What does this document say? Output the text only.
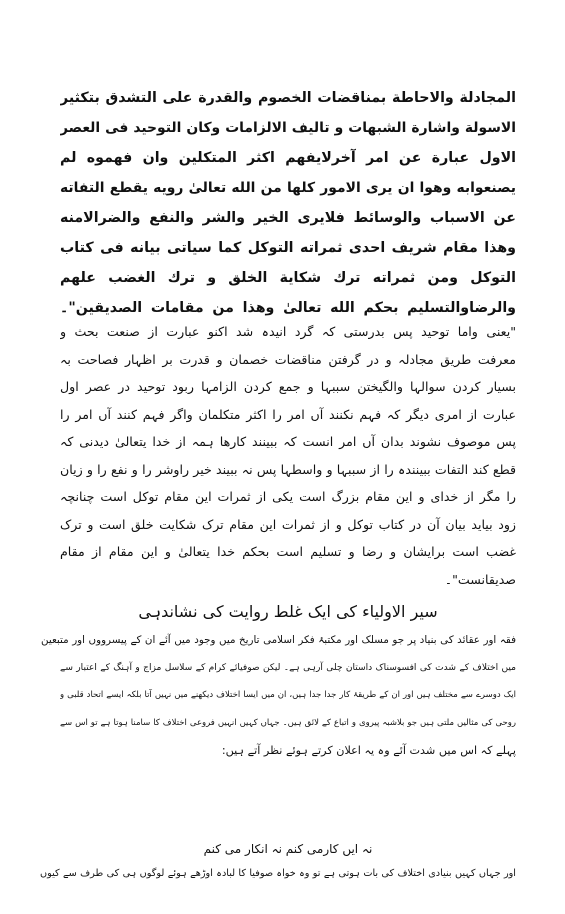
المجادلة والاحاطة بمناقضات الخصوم والقدرة على التشدق بتكثير
الاسولة واشارة الشبهات و تاليف الالزامات وكان التوحيد فى العصر
الاول عبارة عن امر آخرلايفهم اكثر المتكلين وان فهموه لم
يصنعوابه وهوا ان يرى الامور كلها من الله تعالىٰ رويه يقطع التفاته
عن الاسباب والوسائط فلايرى الخير والشر والنفع والضرالامنه
وهذا مقام شريف احدى ثمراته التوكل كما سياتى بيانه فى كتاب
التوكل ومن ثمراته ترك شكاية الخلق و ترك الغضب علهم
والرضاوالتسليم بحكم الله تعالىٰ وهذا من مقامات الصديقين"۔
"یعنی واما توحید پس بدرستی کہ گرد انیدہ شد اکنو عبارت از صنعت بحث و
معرفت طریق مجادلہ و در گرفتن مناقضات خصمان و قدرت بر اظہار فصاحت بہ
بسیار کردن سوالہا والگیختن سببہا و جمع کردن الزامہا ربود توحید در عصر اول
عبارت از امری دیگر کہ فہم نکنند آں امر را اکثر متکلمان واگر فہم کنند آں امر را
پس موصوف نشوند بدان آں امر انست کہ ببینند کارھا ہمہ از خدا یتعالیٰ دیدنی کہ
قطع کند التفات ببینندہ را از سببہا و واسطہا پس نہ ببیند خیر راوشر را و نفع را و زیان
را مگر از خدای و این مقام بزرگ است یکی از ثمرات این مقام توکل است چنانچہ
زود بیاید بیان آن در کتاب توکل و از ثمرات این مقام ترک شکایت خلق است و ترک
غضب است برایشان و رضا و تسلیم است بحکم خدا یتعالیٰ و این مقام از مقام
صدیقانست"۔
سیر الاولیاء کی ایک غلط روایت کی نشاندہی
فقہ اور عقائد کی بنیاد پر جو مسلک اور مکتبۂ فکر اسلامی تاریخ میں وجود میں آئے ان کے پیسرووں اور متبعین
میں اختلاف کے شدت کی افسوسناک داستان چلی آرہی ہے۔ لیکن صوفیائے کرام کے سلاسل مزاج و آہنگ کے اعتبار سے
ایک دوسرے سے مختلف ہیں اور ان کے طریقۂ کار جدا جدا ہیں، ان میں ایسا اختلاف دیکھنے میں نہیں آتا بلکہ ایسے اتحاد قلبی و
روحی کی مثالیں ملتی ہیں جو بلاشبہ پیروی و اتباع کے لائق ہیں۔ جہاں کہیں انہیں فروعی اختلاف کا سامنا ہوتا ہے تو اس سے
پہلے کہ اس میں شدت آئے وہ یہ اعلان کرتے ہوئے نظر آتے ہیں:
نہ ایں کارمی کنم نہ انکار می کنم
اور جہاں کہیں بنیادی اختلاف کی بات ہوتی ہے تو وہ خواہ صوفیا کا لبادہ اوڑھے ہوئے لوگوں ہی کی طرف سے کیوں
